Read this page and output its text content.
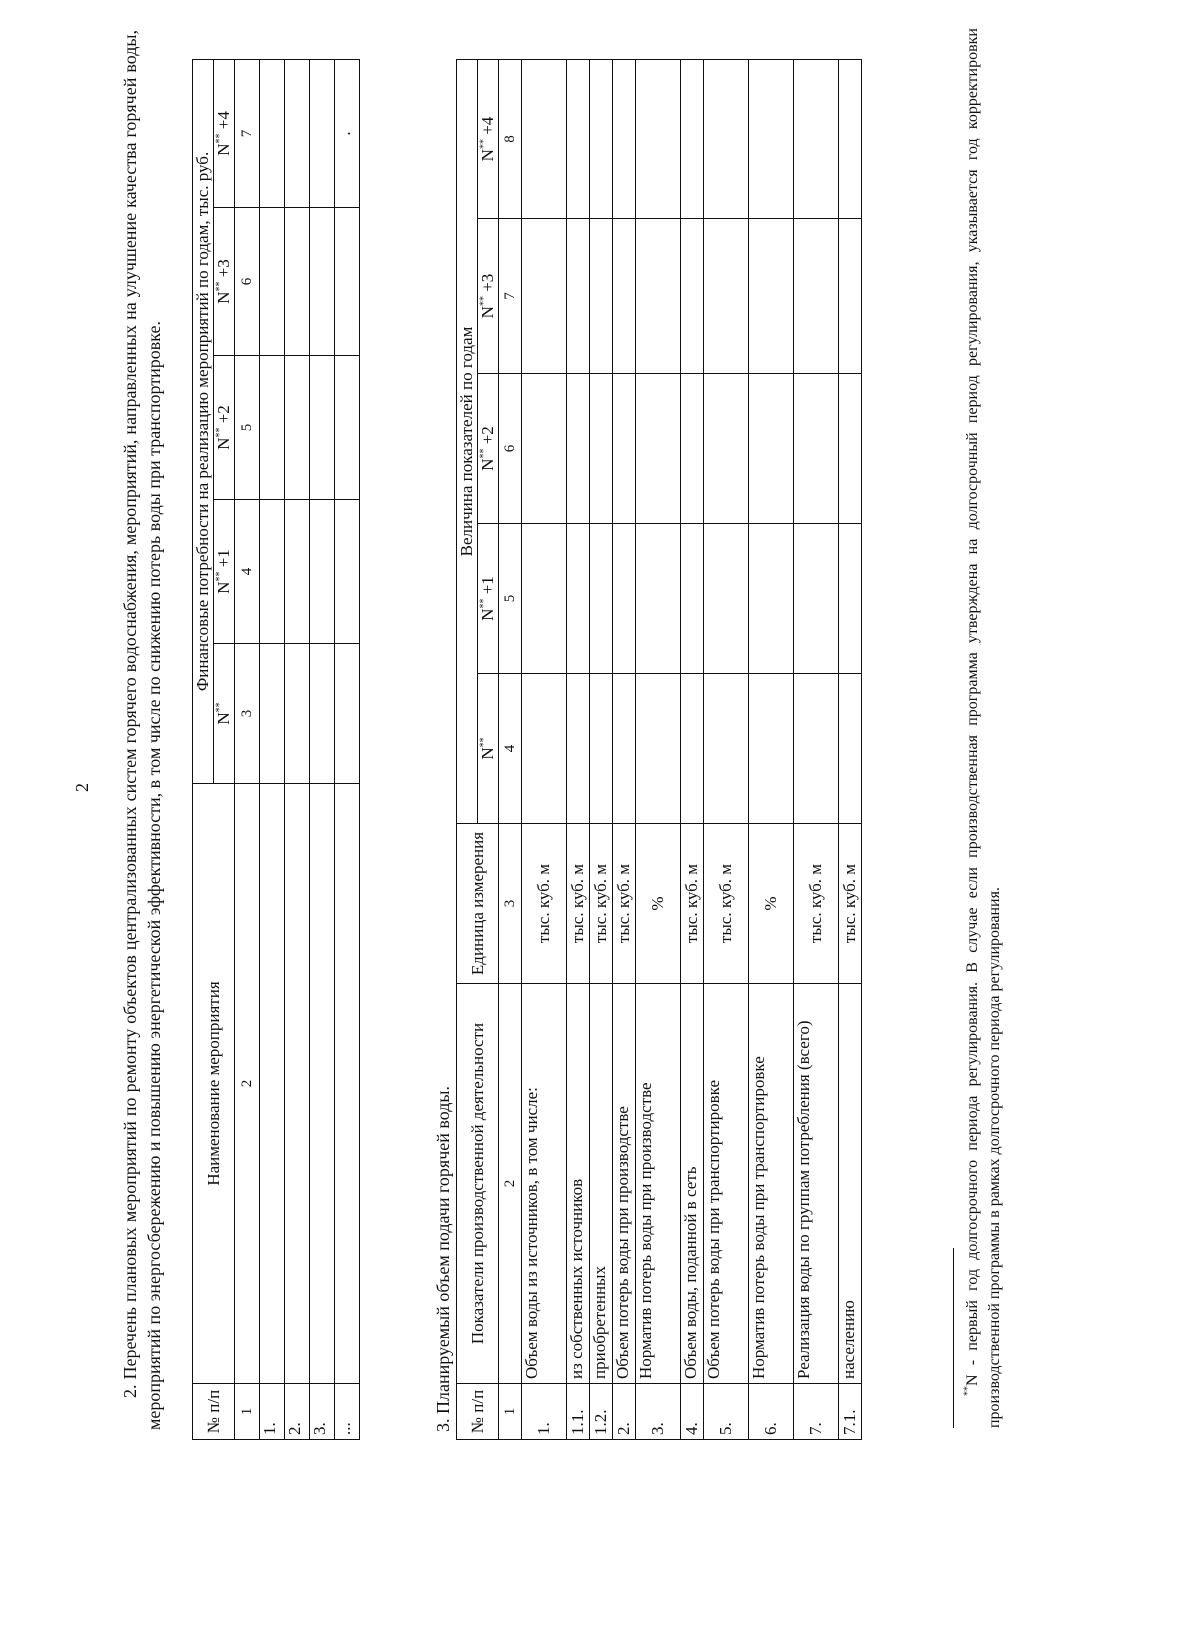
2 2. Перечень плановых мероприятий по ремонту объектов централизованных систем горячего водоснабжения, мероприятий, направленных на улучшение качества горячей воды, мероприятий по энергосбережению и повышению энергетической эффективности, в том числе по снижению потерь воды при транспортировке. № п/п	Наименование мероприятия	Финансовые потребности на реализацию мероприятий по годам, тыс. руб.				
		N**	N** +1	N** +2	N** +3	N** +4
1	2	3	4	5	6	7
1.						
2.						
3.						
...						.
3. Планируемый объем подачи горячей воды. № п/п	Показатели производственной деятельности	Единица измерения	Величина показателей по годам				
			N**	N** +1	N** +2	N** +3	N** +4
1	2	3	4	5	6	7	8
1.	Объем воды из источников, в том числе:	тыс. куб. м					
1.1.	из собственных источников	тыс. куб. м					
1.2.	приобретенных	тыс. куб. м					
2.	Объем потерь воды при производстве	тыс. куб. м					
3.	Норматив потерь воды при производстве	%					
4.	Объем воды, поданной в сеть	тыс. куб. м					
5.	Объем потерь воды при транспортировке	тыс. куб. м					
6.	Норматив потерь воды при транспортировке	%					
7.	Реализация воды по группам потребления (всего)	тыс. куб. м					
7.1.	населению	тыс. куб. м					
**N - первый год долгосрочного периода регулирования. В случае если производственная программа утверждена на долгосрочный период регулирования, указывается год корректировки производственной программы в рамках долгосрочного периода регулирования.
